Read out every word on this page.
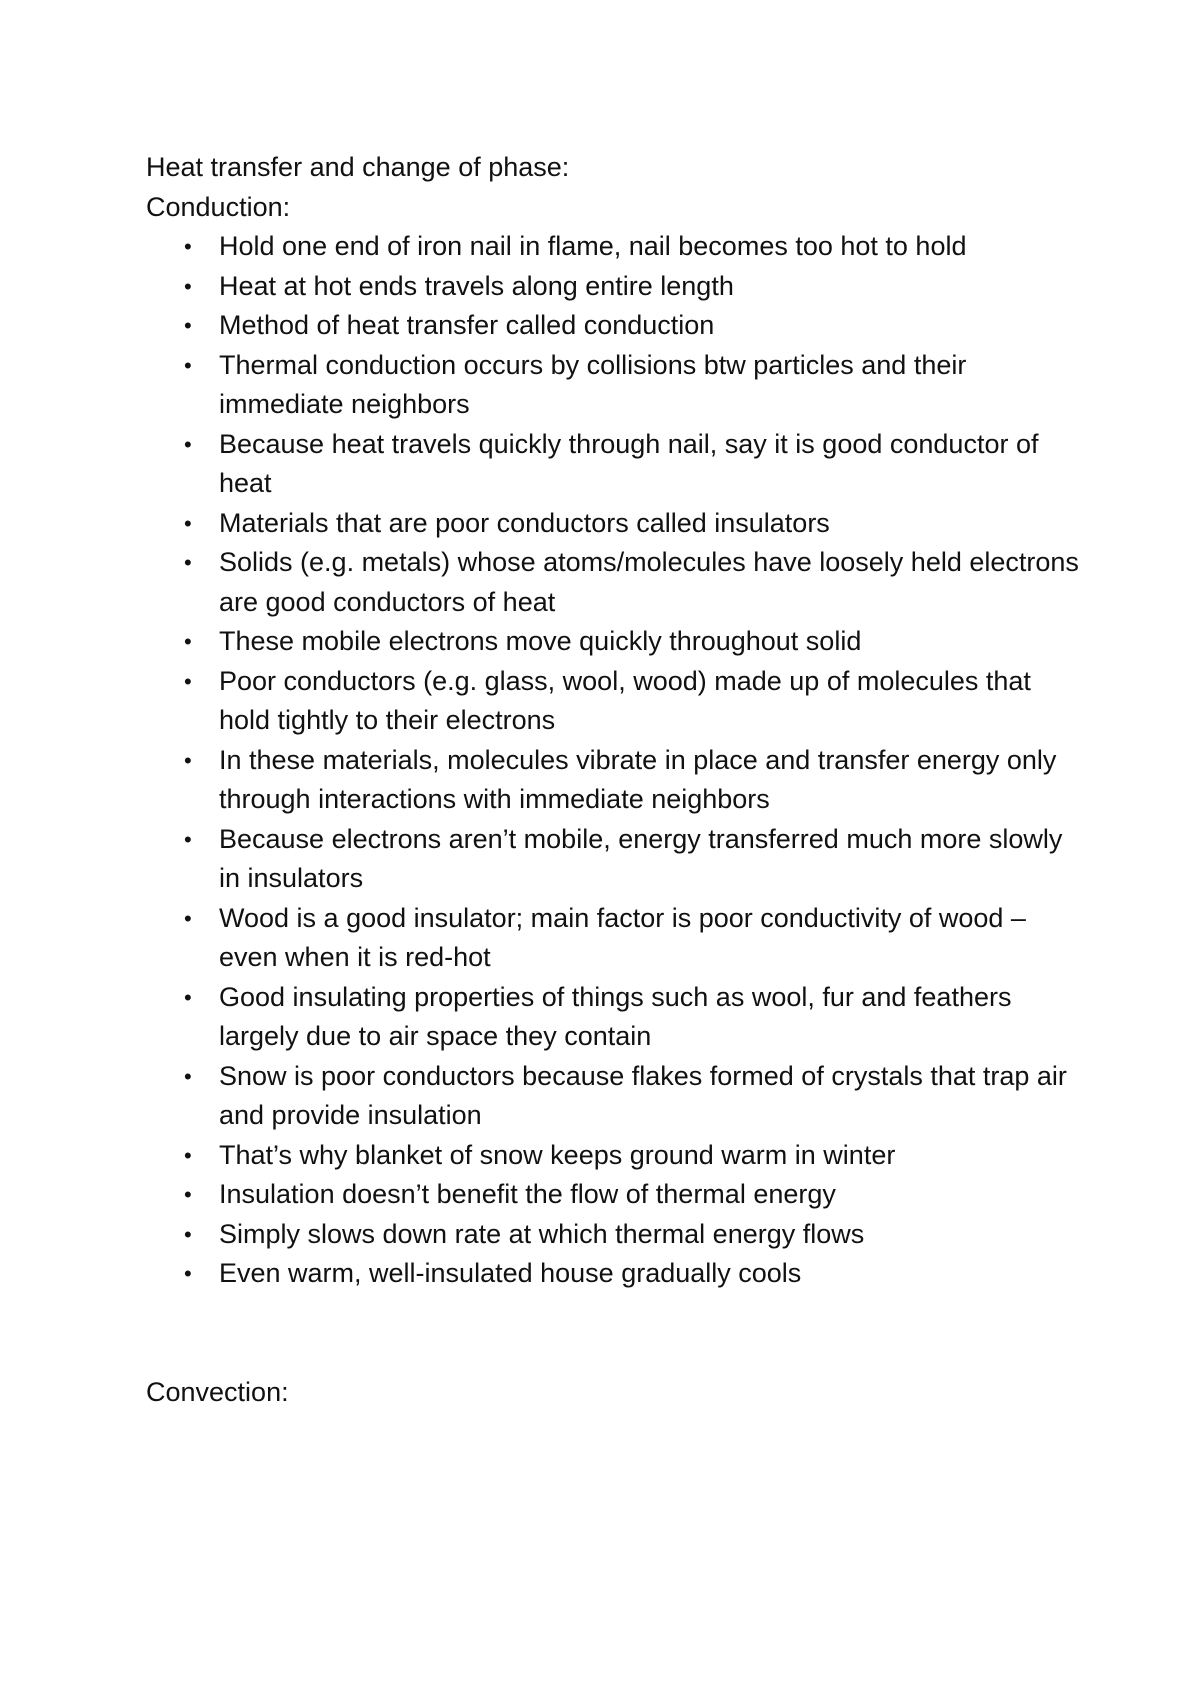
Heat transfer and change of phase:

Conduction:

• Hold one end of iron nail in flame, nail becomes too hot to hold
• Heat at hot ends travels along entire length
• Method of heat transfer called conduction
• Thermal conduction occurs by collisions btw particles and their immediate neighbors
• Because heat travels quickly through nail, say it is good conductor of heat
• Materials that are poor conductors called insulators
• Solids (e.g. metals) whose atoms/molecules have loosely held electrons are good conductors of heat
• These mobile electrons move quickly throughout solid
• Poor conductors (e.g. glass, wool, wood) made up of molecules that hold tightly to their electrons
• In these materials, molecules vibrate in place and transfer energy only through interactions with immediate neighbors
• Because electrons aren’t mobile, energy transferred much more slowly in insulators
• Wood is a good insulator; main factor is poor conductivity of wood – even when it is red-hot
• Good insulating properties of things such as wool, fur and feathers largely due to air space they contain
• Snow is poor conductors because flakes formed of crystals that trap air and provide insulation
• That’s why blanket of snow keeps ground warm in winter
• Insulation doesn’t benefit the flow of thermal energy
• Simply slows down rate at which thermal energy flows
• Even warm, well-insulated house gradually cools

Convection:
